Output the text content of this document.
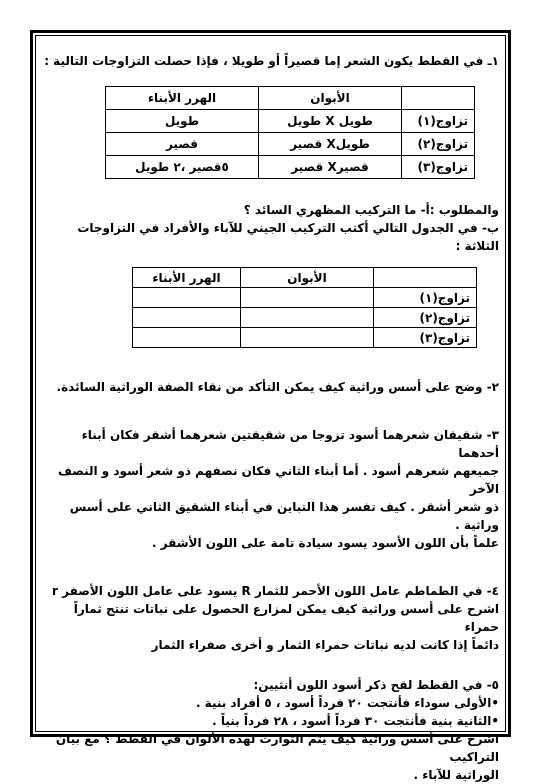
١ـ في القطط يكون الشعر إما قصيراً أو طويلا ، فإذا حصلت التزاوجات التالية :

	الأبوان	الهرر الأبناء
تزاوج(١)	طويل X طويل	طويل
تزاوج(٢)	طويلX قصير	قصير
تزاوج(٣)	قصيرX قصير	٥قصير ،٢ طويل

والمطلوب :أ- ما التركيب المظهري السائد ؟

ب- في الجدول التالي أكتب التركيب الجيني للآباء والأفراد في التزاوجات الثلاثة :

	الأبوان	الهرر الأبناء
تزاوج(١)		
تزاوج(٢)		
تزاوج(٣)		

٢- وضح على أسس وراثية كيف يمكن التأكد من نقاء الصفة الوراثية السائدة.

٣- شقيقان شعرهما أسود تزوجا من شقيقتين شعرهما أشقر فكان أبناء أحدهما

جميعهم شعرهم أسود . أما أبناء الثاني فكان نصفهم ذو شعر أسود و النصف الآخر

ذو شعر أشقر . كيف تفسر هذا التباين في أبناء الشقيق الثاني على أسس وراثية .

علماً بأن اللون الأسود يسود سيادة تامة على اللون الأشقر .

٤- في الطماطم عامل اللون الأحمر للثمار R يسود على عامل اللون الأصفر r

اشرح على أسس وراثية كيف يمكن لمزارع الحصول على نباتات تنتج ثماراً حمراء

دائماً إذا كانت لديه نباتات حمراء الثمار و أخرى صفراء الثمار

٥- في القطط لقح ذكر أسود اللون أنثيين:

•الأولى سوداء فأنتجت ٢٠ فرداً أسود ، ٥ أفراد بنية .

•الثانية بنية فأنتجت ٣٠ فرداً أسود ، ٢٨ فرداً بنياً .

اشرح على أسس وراثية كيف يتم التوارث لهذه الألوان في القطط ؟ مع بيان التراكيب

الوراثية للآباء .
